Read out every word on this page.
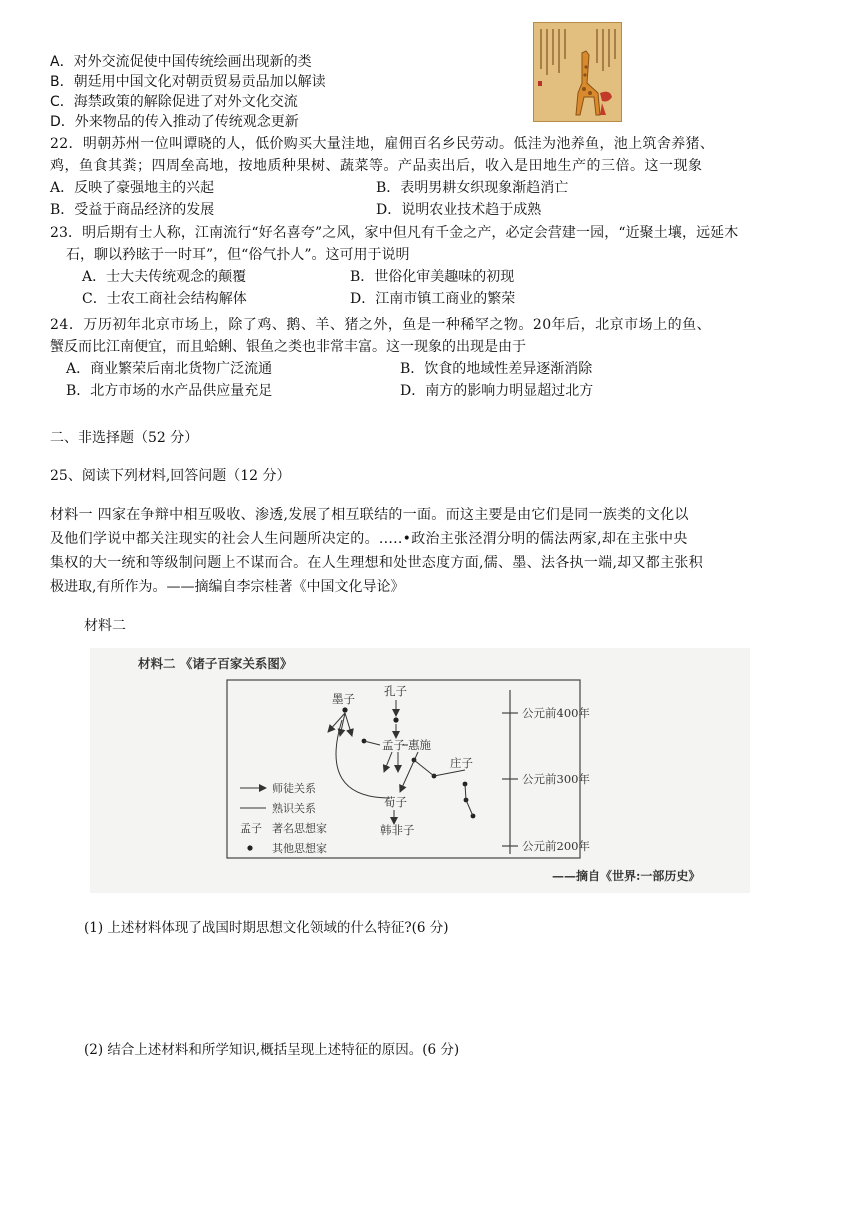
A．对外交流促使中国传统绘画出现新的类
B．朝廷用中国文化对朝贡贸易贡品加以解读
C．海禁政策的解除促进了对外文化交流
D．外来物品的传入推动了传统观念更新
22．明朝苏州一位叫谭晓的人，低价购买大量洼地，雇佣百名乡民劳动。低洼为池养鱼，池上筑舍养猪、
鸡，鱼食其粪；四周垒高地，按地质种果树、蔬菜等。产品卖出后，收入是田地生产的三倍。这一现象
A．反映了豪强地主的兴起	B．表明男耕女织现象渐趋消亡
B．受益于商品经济的发展	D．说明农业技术趋于成熟
23．明后期有士人称，江南流行“好名喜夸”之风，家中但凡有千金之产，必定会营建一园，“近聚土壤，远延木
石，聊以矜眩于一时耳”，但“俗气扑人”。这可用于说明
A．士大夫传统观念的颠覆	B．世俗化审美趣味的初现
C．士农工商社会结构解体	D．江南市镇工商业的繁荣
24．万历初年北京市场上，除了鸡、鹅、羊、猪之外，鱼是一种稀罕之物。20年后，北京市场上的鱼、
蟹反而比江南便宜，而且蛤蜊、银鱼之类也非常丰富。这一现象的出现是由于
A．商业繁荣后南北货物广泛流通	B．饮食的地域性差异逐渐消除
B．北方市场的水产品供应量充足	D．南方的影响力明显超过北方
二、非选择题（52 分）
25、阅读下列材料,回答问题（12 分）
材料一 四家在争辩中相互吸收、渗透,发展了相互联结的一面。而这主要是由它们是同一族类的文化以
及他们学说中都关注现实的社会人生问题所决定的。.....•政治主张泾渭分明的儒法两家,却在主张中央
集权的大一统和等级制问题上不谋而合。在人生理想和处世态度方面,儒、墨、法各执一端,却又都主张积
极进取,有所作为。——摘编自李宗桂著《中国文化导论》
材料二
材料二 《诸子百家关系图》
公元前400年
公元前300年
公元前200年
墨子
孔子
孟子 惠施
庄子
荀子
韩非子
师徒关系
熟识关系
孟子 著名思想家
其他思想家
——摘自《世界:一部历史》
(1) 上述材料体现了战国时期思想文化领域的什么特征?(6 分)
(2) 结合上述材料和所学知识,概括呈现上述特征的原因。(6 分)
